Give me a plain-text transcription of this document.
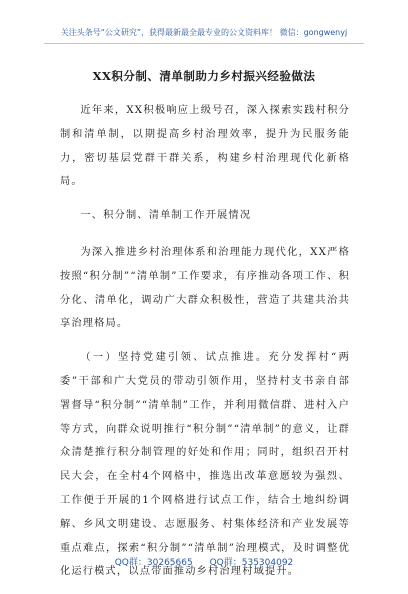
关注头条号“公文研究”，获得最新最全最专业的公文资料库！ 微信：gongwenyj
XX积分制、清单制助力乡村振兴经验做法

近年来，XX积极响应上级号召，深入探索实践村积分制和清单制，以期提高乡村治理效率，提升为民服务能力，密切基层党群干群关系，构建乡村治理现代化新格局。

一、积分制、清单制工作开展情况

为深入推进乡村治理体系和治理能力现代化，XX严格按照“积分制”“清单制”工作要求，有序推动各项工作、积分化、清单化，调动广大群众积极性，营造了共建共治共享治理格局。

（一）坚持党建引领、试点推进。充分发挥村“两委”干部和广大党员的带动引领作用，坚持村支书亲自部署督导“积分制”“清单制”工作，并利用微信群、进村入户等方式，向群众说明推行“积分制”“清单制”的意义，让群众清楚推行积分制管理的好处和作用；同时，组织召开村民大会，在全村4个网格中，推选出改革意愿较为强烈、工作便于开展的1个网格进行试点工作，结合土地纠纷调解、乡风文明建设、志愿服务、村集体经济和产业发展等重点难点，探索“积分制”“清单制”治理模式，及时调整优化运行模式，以点带面推动乡村治理村域提升。

QQ群：30265665 QQ群：535304092
